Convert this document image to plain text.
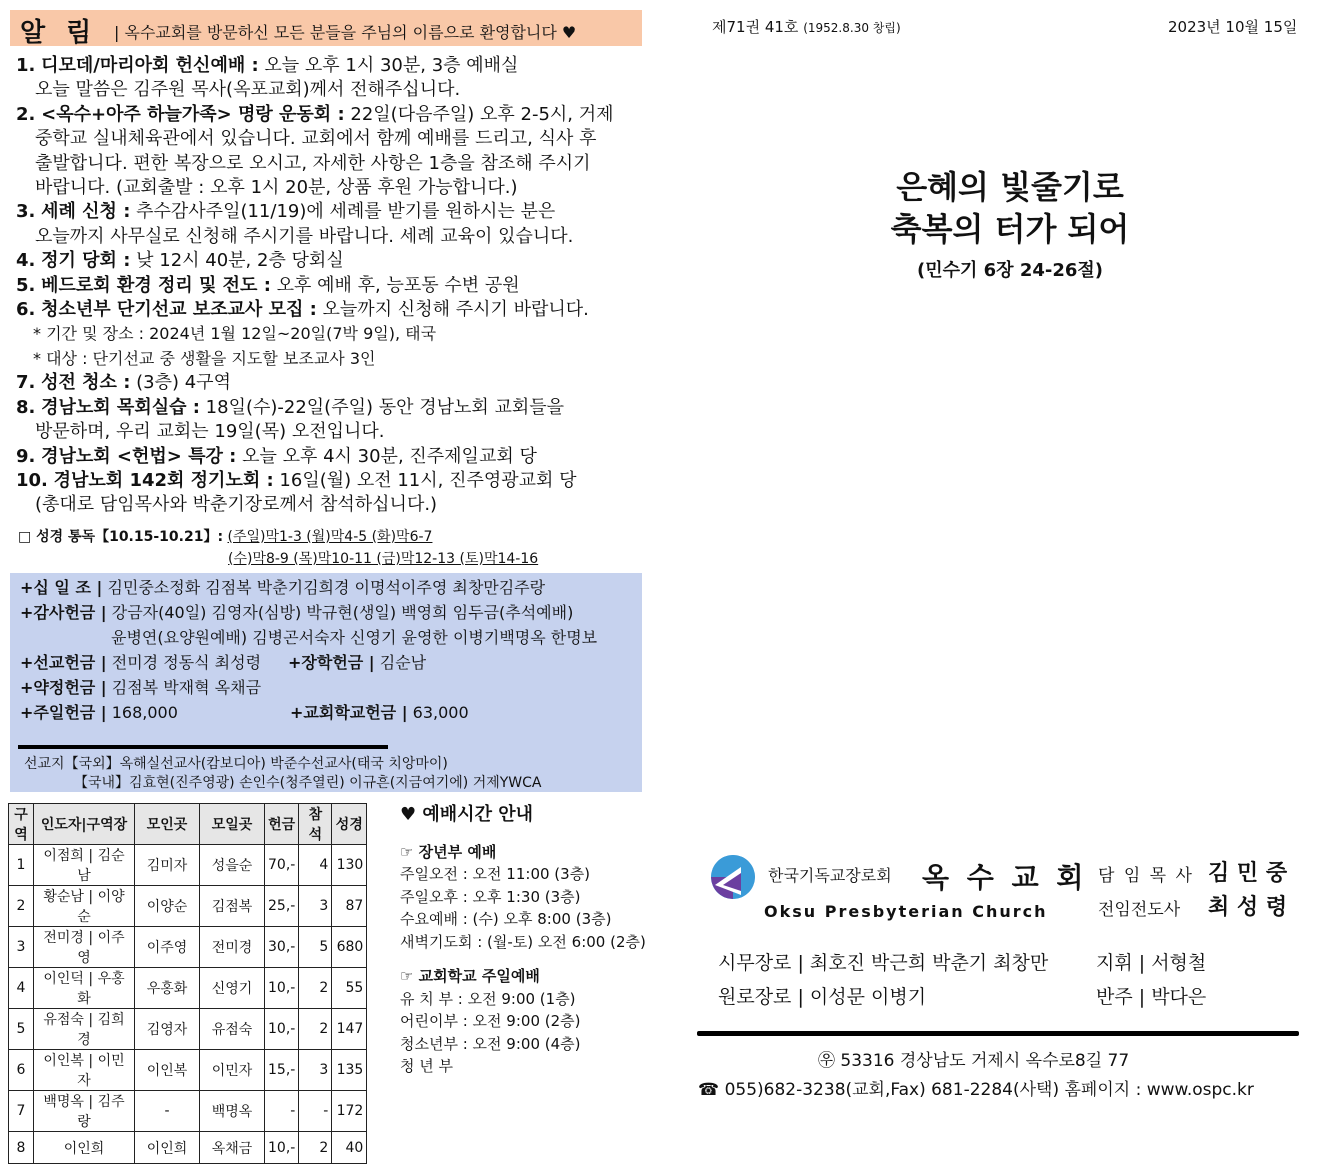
알 림 | 옥수교회를 방문하신 모든 분들을 주님의 이름으로 환영합니다 ♥
1. 디모데/마리아회 헌신예배 : 오늘 오후 1시 30분, 3층 예배실
오늘 말씀은 김주원 목사(옥포교회)께서 전해주십니다.
2. <옥수+아주 하늘가족> 명랑 운동회 : 22일(다음주일) 오후 2-5시, 거제
중학교 실내체육관에서 있습니다. 교회에서 함께 예배를 드리고, 식사 후
출발합니다. 편한 복장으로 오시고, 자세한 사항은 1층을 참조해 주시기
바랍니다. (교회출발 : 오후 1시 20분, 상품 후원 가능합니다.)
3. 세례 신청 : 추수감사주일(11/19)에 세례를 받기를 원하시는 분은
오늘까지 사무실로 신청해 주시기를 바랍니다. 세례 교육이 있습니다.
4. 정기 당회 : 낮 12시 40분, 2층 당회실
5. 베드로회 환경 정리 및 전도 : 오후 예배 후, 능포동 수변 공원
6. 청소년부 단기선교 보조교사 모집 : 오늘까지 신청해 주시기 바랍니다.
* 기간 및 장소 : 2024년 1월 12일~20일(7박 9일), 태국
* 대상 : 단기선교 중 생활을 지도할 보조교사 3인
7. 성전 청소 : (3층) 4구역
8. 경남노회 목회실습 : 18일(수)-22일(주일) 동안 경남노회 교회들을
방문하며, 우리 교회는 19일(목) 오전입니다.
9. 경남노회 <헌법> 특강 : 오늘 오후 4시 30분, 진주제일교회 당
10. 경남노회 142회 정기노회 : 16일(월) 오전 11시, 진주영광교회 당
(총대로 담임목사와 박춘기장로께서 참석하십니다.)
□ 성경 통독【10.15-10.21】: (주일)막1-3 (월)막4-5 (화)막6-7
(수)막8-9 (목)막10-11 (금)막12-13 (토)막14-16
+십 일 조 | 김민중소정화 김점복 박춘기김희경 이명석이주영 최창만김주랑
+감사헌금 | 강금자(40일) 김영자(심방) 박규현(생일) 백영희 임두금(추석예배)
윤병연(요양원예배) 김병곤서숙자 신영기 윤영한 이병기백명옥 한명보
+선교헌금 | 전미경 정동식 최성령 +장학헌금 | 김순남
+약정헌금 | 김점복 박재혁 옥채금
+주일헌금 | 168,000	+교회학교헌금 | 63,000
선교지【국외】옥해실선교사(캄보디아) 박준수선교사(태국 치앙마이)
【국내】김효현(진주영광) 손인수(청주열린) 이규흔(지금여기에) 거제YWCA
구역	인도자|구역장	모인곳	모일곳	헌금	참석	성경
1	이점희 | 김순남	김미자	성을순	70,-	4	130
2	황순남 | 이양순	이양순	김점복	25,-	3	87
3	전미경 | 이주영	이주영	전미경	30,-	5	680
4	이인덕 | 우홍화	우홍화	신영기	10,-	2	55
5	유점숙 | 김희경	김영자	유점숙	10,-	2	147
6	이인복 | 이민자	이인복	이민자	15,-	3	135
7	백명옥 | 김주랑	-	백명옥	-	-	172
8	이인희	이인희	옥채금	10,-	2	40
♥ 예배시간 안내
☞ 장년부 예배
주일오전 : 오전 11:00 (3층)
주일오후 : 오후 1:30 (3층)
수요예배 : (수) 오후 8:00 (3층)
새벽기도회 : (월-토) 오전 6:00 (2층)
☞ 교회학교 주일예배
유 치 부 : 오전 9:00 (1층)
어린이부 : 오전 9:00 (2층)
청소년부 : 오전 9:00 (4층)
청 년 부
제71권 41호 (1952.8.30 창립)	2023년 10월 15일
은혜의 빛줄기로
축복의 터가 되어
(민수기 6장 24-26절)
한국기독교장로회 옥 수 교 회
Oksu Presbyterian Church
담 임 목 사 김 민 중
전임전도사 최 성 령
시무장로 | 최호진 박근희 박춘기 최창만	지휘 | 서형철
원로장로 | 이성문 이병기	반주 | 박다은
㉾ 53316 경상남도 거제시 옥수로8길 77
☎ 055)682-3238(교회,Fax) 681-2284(사택) 홈페이지 : www.ospc.kr
